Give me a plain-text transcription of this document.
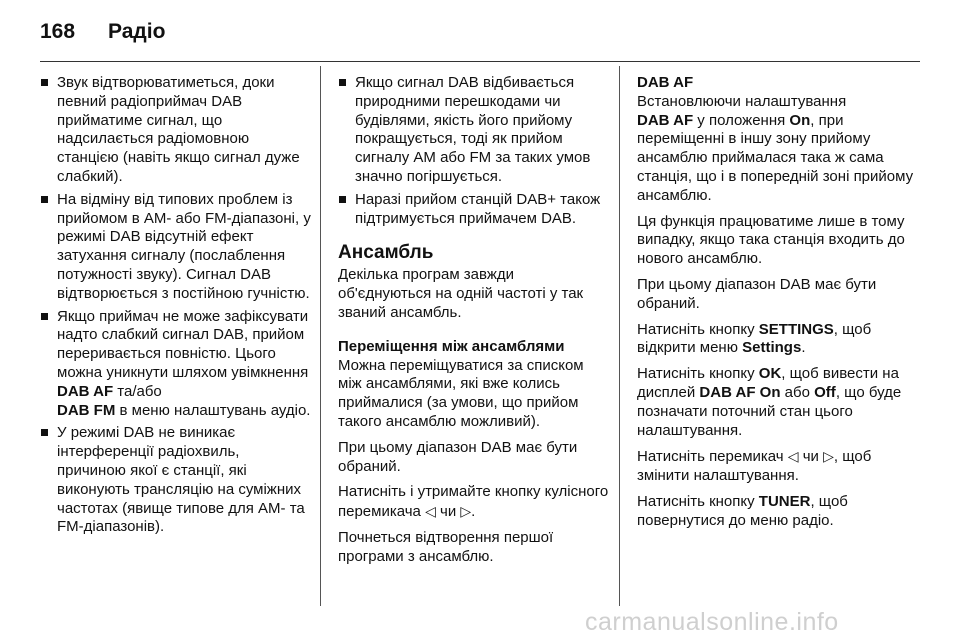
168	Радіо
Звук відтворюватиметься, доки певний радіоприймач DAB прийматиме сигнал, що надсилається радіомовною станцією (навіть якщо сигнал дуже слабкий).
На відміну від типових проблем із прийомом в AM- або FM-діапазоні, у режимі DAB відсутній ефект затухання сигналу (послаблення потужності звуку). Сигнал DAB відтворюється з постійною гучністю.
Якщо приймач не може зафіксувати надто слабкий сигнал DAB, прийом переривається повністю. Цього можна уникнути шляхом увімкнення DAB AF та/або
DAB FM в меню налаштувань аудіо.
У режимі DAB не виникає інтерференції радіохвиль, причиною якої є станції, які виконують трансляцію на суміжних частотах (явище типове для AM- та FM-діапазонів).
Якщо сигнал DAB відбивається природними перешкодами чи будівлями, якість його прийому покращується, тоді як прийом сигналу AM або FM за таких умов значно погіршується.
Наразі прийом станцій DAB+ також підтримується приймачем DAB.
Ансамбль

Декілька програм завжди об'єднуються на одній частоті у так званий ансамбль.

Переміщення між ансамблями

Можна переміщуватися за списком між ансамблями, які вже колись приймалися (за умови, що прийом такого ансамблю можливий).

При цьому діапазон DAB має бути обраний.

Натисніть і утримайте кнопку кулісного перемикача ◁ чи ▷.

Почнеться відтворення першої програми з ансамблю.

DAB AF

Встановлюючи налаштування
DAB AF у положення On, при переміщенні в іншу зону прийому ансамблю приймалася така ж сама станція, що і в попередній зоні прийому ансамблю.

Ця функція працюватиме лише в тому випадку, якщо така станція входить до нового ансамблю.

При цьому діапазон DAB має бути обраний.

Натисніть кнопку SETTINGS, щоб відкрити меню Settings.

Натисніть кнопку OK, щоб вивести на дисплей DAB AF On або Off, що буде позначати поточний стан цього налаштування.

Натисніть перемикач ◁ чи ▷, щоб змінити налаштування.

Натисніть кнопку TUNER, щоб повернутися до меню радіо.

carmanualsonline.info
